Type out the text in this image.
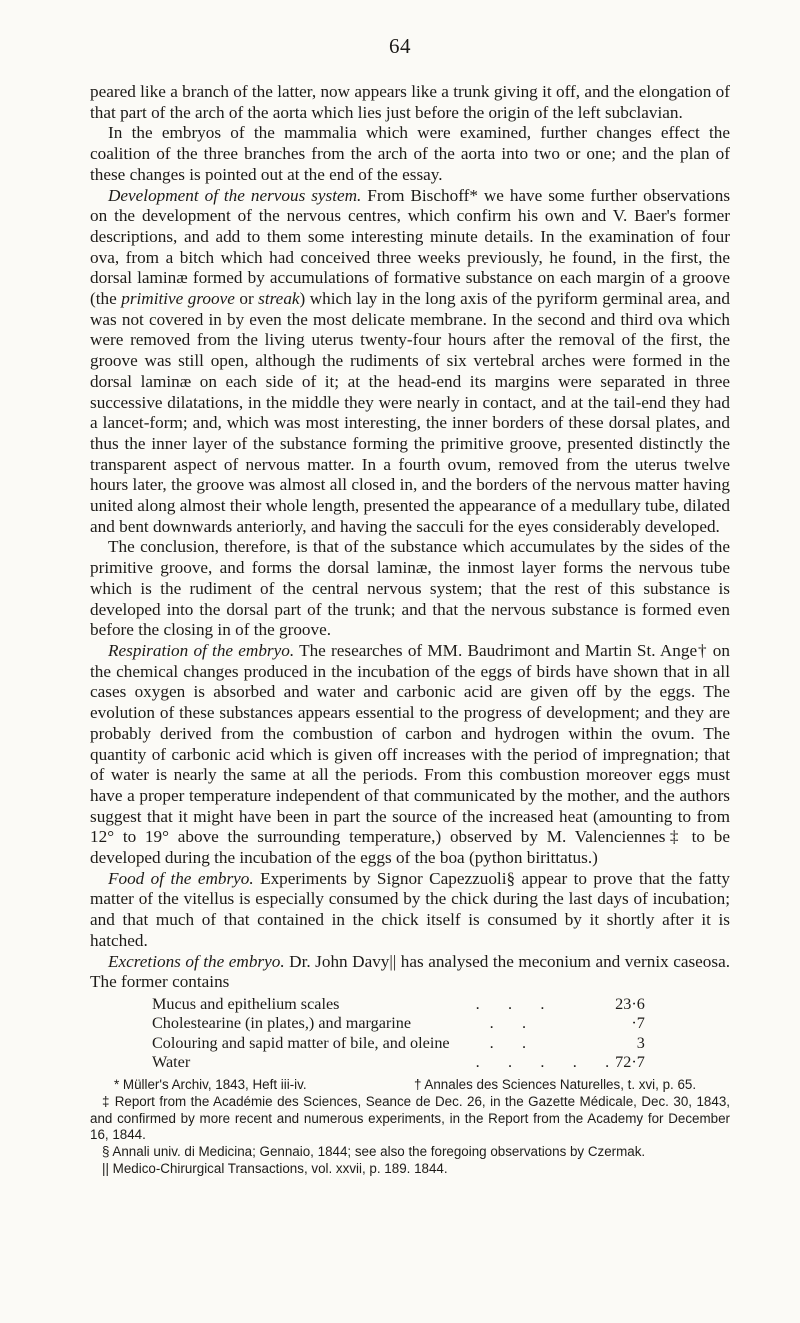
64

peared like a branch of the latter, now appears like a trunk giving it off, and the elongation of that part of the arch of the aorta which lies just before the origin of the left subclavian.

In the embryos of the mammalia which were examined, further changes effect the coalition of the three branches from the arch of the aorta into two or one; and the plan of these changes is pointed out at the end of the essay.

Development of the nervous system. From Bischoff* we have some further observations on the development of the nervous centres, which confirm his own and V. Baer's former descriptions, and add to them some interesting minute details. In the examination of four ova, from a bitch which had conceived three weeks previously, he found, in the first, the dorsal laminæ formed by accumulations of formative substance on each margin of a groove (the primitive groove or streak) which lay in the long axis of the pyriform germinal area, and was not covered in by even the most delicate membrane. In the second and third ova which were removed from the living uterus twenty-four hours after the removal of the first, the groove was still open, although the rudiments of six vertebral arches were formed in the dorsal laminæ on each side of it; at the head-end its margins were separated in three successive dilatations, in the middle they were nearly in contact, and at the tail-end they had a lancet-form; and, which was most interesting, the inner borders of these dorsal plates, and thus the inner layer of the substance forming the primitive groove, presented distinctly the transparent aspect of nervous matter. In a fourth ovum, removed from the uterus twelve hours later, the groove was almost all closed in, and the borders of the nervous matter having united along almost their whole length, presented the appearance of a medullary tube, dilated and bent downwards anteriorly, and having the sacculi for the eyes considerably developed.

The conclusion, therefore, is that of the substance which accumulates by the sides of the primitive groove, and forms the dorsal laminæ, the inmost layer forms the nervous tube which is the rudiment of the central nervous system; that the rest of this substance is developed into the dorsal part of the trunk; and that the nervous substance is formed even before the closing in of the groove.

Respiration of the embryo. The researches of MM. Baudrimont and Martin St. Ange† on the chemical changes produced in the incubation of the eggs of birds have shown that in all cases oxygen is absorbed and water and carbonic acid are given off by the eggs. The evolution of these substances appears essential to the progress of development; and they are probably derived from the combustion of carbon and hydrogen within the ovum. The quantity of carbonic acid which is given off increases with the period of impregnation; that of water is nearly the same at all the periods. From this combustion moreover eggs must have a proper temperature independent of that communicated by the mother, and the authors suggest that it might have been in part the source of the increased heat (amounting to from 12° to 19° above the surrounding temperature,) observed by M. Valenciennes‡ to be developed during the incubation of the eggs of the boa (python birittatus.)

Food of the embryo. Experiments by Signor Capezzuoli§ appear to prove that the fatty matter of the vitellus is especially consumed by the chick during the last days of incubation; and that much of that contained in the chick itself is consumed by it shortly after it is hatched.

Excretions of the embryo. Dr. John Davy|| has analysed the meconium and vernix caseosa. The former contains

Mucus and epithelium scales	.       .       .	23·6
Cholestearine (in plates,) and margarine	.       .	·7
Colouring and sapid matter of bile, and oleine	.       .	3
Water	.       .       .       .       .	72·7

* Müller's Archiv, 1843, Heft iii-iv.	† Annales des Sciences Naturelles, t. xvi, p. 65.

‡ Report from the Académie des Sciences, Seance de Dec. 26, in the Gazette Médicale, Dec. 30, 1843, and confirmed by more recent and numerous experiments, in the Report from the Academy for December 16, 1844.

§ Annali univ. di Medicina; Gennaio, 1844; see also the foregoing observations by Czermak.

|| Medico-Chirurgical Transactions, vol. xxvii, p. 189. 1844.
